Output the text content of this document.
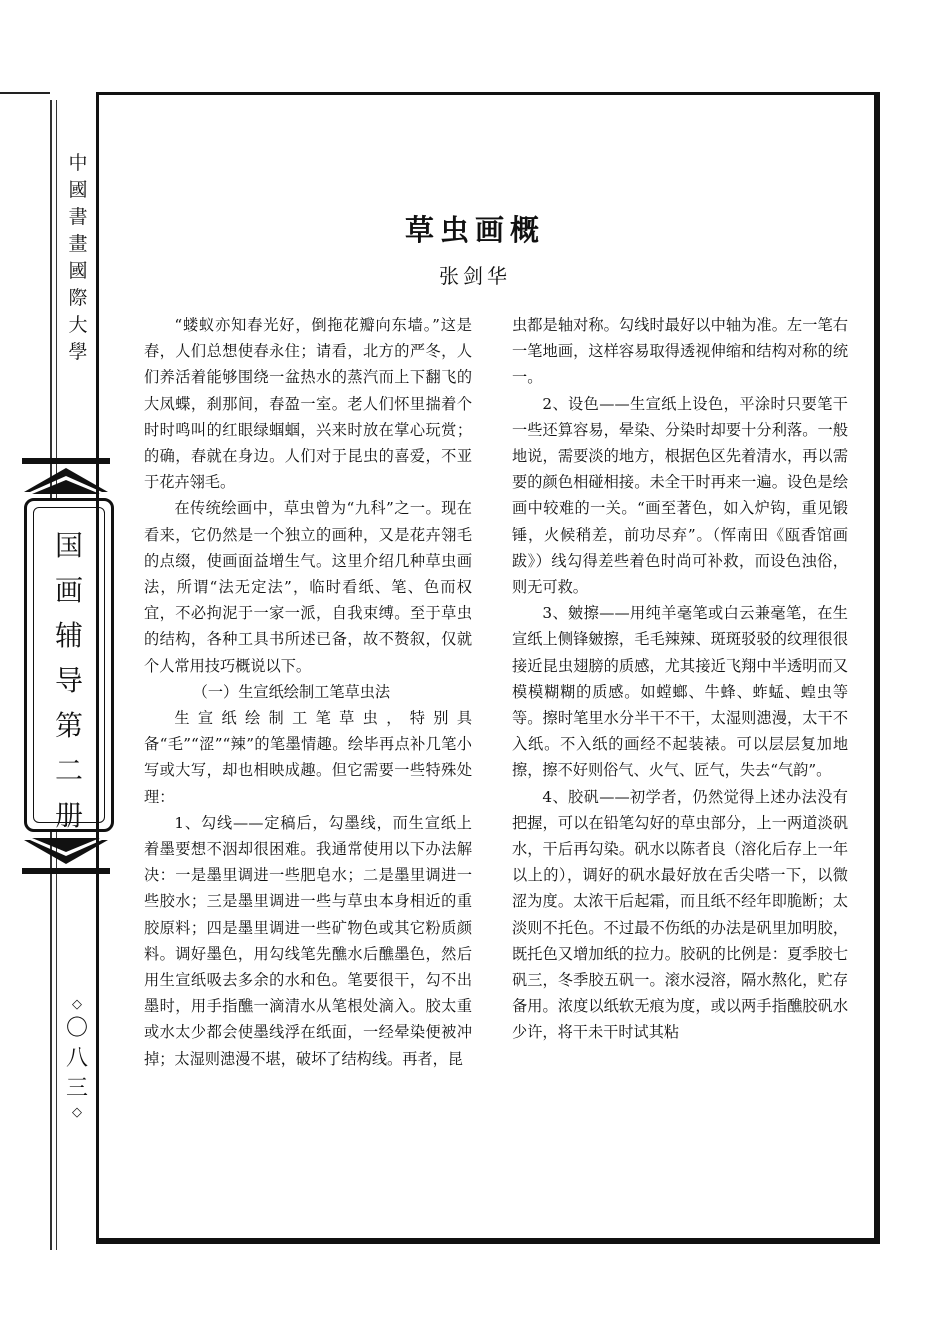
中
國
書
畫
國
際
大
學
国
画
辅
导
第
二
册
◇
〇
八
三
◇
草虫画概
张剑华

“蝼蚁亦知春光好，倒拖花瓣向东墙。”这是春，人们总想使春永住；请看，北方的严冬，人们养活着能够围绕一盆热水的蒸汽而上下翻飞的大凤蝶，刹那间，春盈一室。老人们怀里揣着个时时鸣叫的红眼绿蝈蝈，兴来时放在掌心玩赏；的确，春就在身边。人们对于昆虫的喜爱，不亚于花卉翎毛。

在传统绘画中，草虫曾为“九科”之一。现在看来，它仍然是一个独立的画种，又是花卉翎毛的点缀，使画面益增生气。这里介绍几种草虫画法，所谓“法无定法”，临时看纸、笔、色而权宜，不必拘泥于一家一派，自我束缚。至于草虫的结构，各种工具书所述已备，故不赘叙，仅就个人常用技巧概说以下。

（一）生宣纸绘制工笔草虫法

生宣纸绘制工笔草虫，特别具备“毛”“涩”“辣”的笔墨情趣。绘毕再点补几笔小写或大写，却也相映成趣。但它需要一些特殊处理：

1、勾线——定稿后，勾墨线，而生宣纸上着墨要想不洇却很困难。我通常使用以下办法解决：一是墨里调进一些肥皂水；二是墨里调进一些胶水；三是墨里调进一些与草虫本身相近的重胶原料；四是墨里调进一些矿物色或其它粉质颜料。调好墨色，用勾线笔先醮水后醮墨色，然后用生宣纸吸去多余的水和色。笔要很干，勾不出墨时，用手指醮一滴清水从笔根处滴入。胶太重或水太少都会使墨线浮在纸面，一经晕染便被冲掉；太湿则漶漫不堪，破坏了结构线。再者，昆

虫都是轴对称。勾线时最好以中轴为准。左一笔右一笔地画，这样容易取得透视伸缩和结构对称的统一。

2、设色——生宣纸上设色，平涂时只要笔干一些还算容易，晕染、分染时却要十分利落。一般地说，需要淡的地方，根据色区先着清水，再以需要的颜色相碰相接。未全干时再来一遍。设色是绘画中较难的一关。“画至著色，如入炉钩，重见锻锤，火候稍差，前功尽弃”。（恽南田《瓯香馆画跋》）线勾得差些着色时尚可补救，而设色浊俗，则无可救。

3、皴擦——用纯羊毫笔或白云兼毫笔，在生宣纸上侧锋皴擦，毛毛辣辣、斑斑驳驳的纹理很很接近昆虫翅膀的质感，尤其接近飞翔中半透明而又模模糊糊的质感。如螳螂、牛蜂、蚱蜢、蝗虫等等。擦时笔里水分半干不干，太湿则漶漫，太干不入纸。不入纸的画经不起装裱。可以层层复加地擦，擦不好则俗气、火气、匠气，失去“气韵”。

4、胶矾——初学者，仍然觉得上述办法没有把握，可以在铅笔勾好的草虫部分，上一两道淡矾水，干后再勾染。矾水以陈者良（溶化后存上一年以上的），调好的矾水最好放在舌尖嗒一下，以微涩为度。太浓干后起霜，而且纸不经年即脆断；太淡则不托色。不过最不伤纸的办法是矾里加明胶，既托色又增加纸的拉力。胶矾的比例是：夏季胶七矾三，冬季胶五矾一。滚水浸溶，隔水熬化，贮存备用。浓度以纸软无痕为度，或以两手指醮胶矾水少许，将干未干时试其粘
